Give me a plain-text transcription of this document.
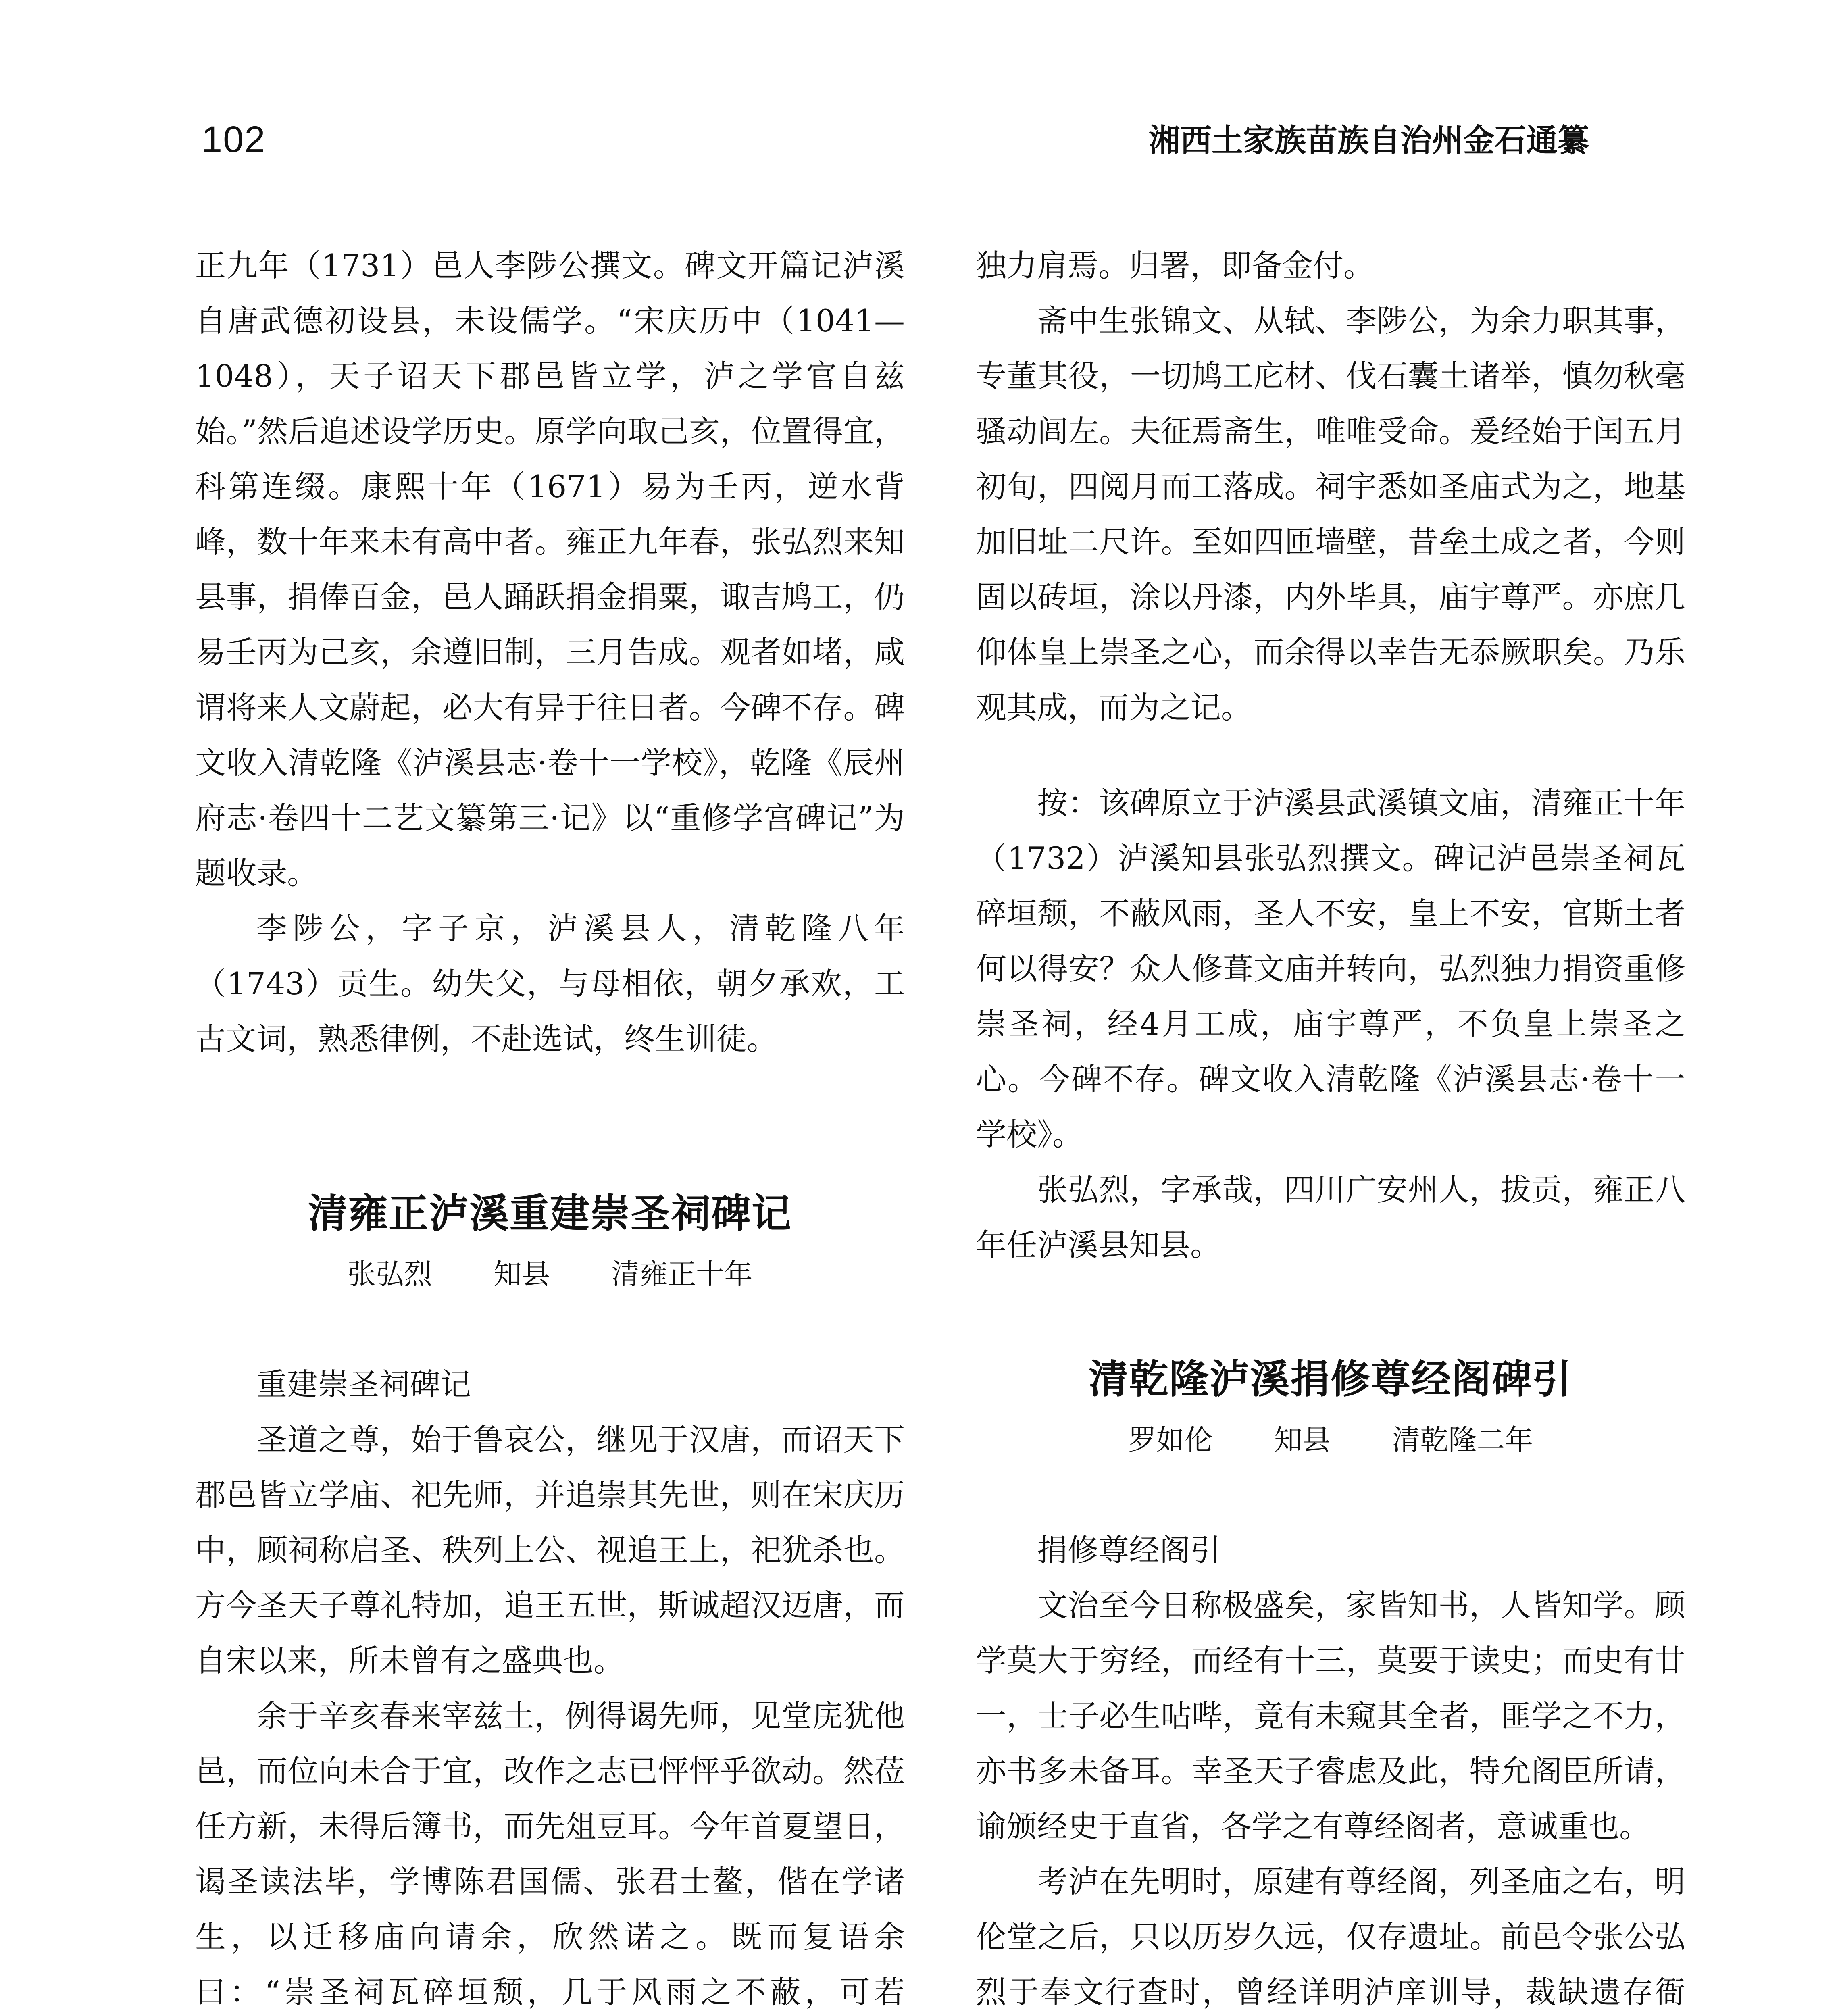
102	湘西土家族苗族自治州金石通纂

正九年（1731）邑人李陟公撰文。碑文开篇记泸溪自唐武德初设县，未设儒学。“宋庆历中（1041—1048），天子诏天下郡邑皆立学，泸之学官自兹始。”然后追述设学历史。原学向取己亥，位置得宜，科第连缀。康熙十年（1671）易为壬丙，逆水背峰，数十年来未有高中者。雍正九年春，张弘烈来知县事，捐俸百金，邑人踊跃捐金捐粟，诹吉鸠工，仍易壬丙为己亥，余遵旧制，三月告成。观者如堵，咸谓将来人文蔚起，必大有异于往日者。今碑不存。碑文收入清乾隆《泸溪县志·卷十一学校》，乾隆《辰州府志·卷四十二艺文纂第三·记》以“重修学宫碑记”为题收录。

李陟公，字子京，泸溪县人，清乾隆八年（1743）贡生。幼失父，与母相依，朝夕承欢，工古文词，熟悉律例，不赴选试，终生训徒。

清雍正泸溪重建崇圣祠碑记
张弘烈 知县 清雍正十年

重建崇圣祠碑记

圣道之尊，始于鲁哀公，继见于汉唐，而诏天下郡邑皆立学庙、祀先师，并追崇其先世，则在宋庆历中，顾祠称启圣、秩列上公、视追王上，祀犹杀也。方今圣天子尊礼特加，追王五世，斯诚超汉迈唐，而自宋以来，所未曾有之盛典也。

余于辛亥春来宰兹土，例得谒先师，见堂庑犹他邑，而位向未合于宜，改作之志已怦怦乎欲动。然莅任方新，未得后簿书，而先俎豆耳。今年首夏望日，谒圣读法毕，学博陈君国儒、张君士鳌，偕在学诸生，以迁移庙向请余，欣然诺之。既而复语余曰：“崇圣祠瓦碎垣颓，几于风雨之不蔽，可若

独力肩焉。归署，即备金付。

斋中生张锦文、从轼、李陟公，为余力职其事，专董其役，一切鸠工庀材、伐石囊土诸举，慎勿秋毫骚动闾左。夫征焉斋生，唯唯受命。爰经始于闰五月初旬，四阅月而工落成。祠宇悉如圣庙式为之，地基加旧址二尺许。至如四匝墙壁，昔垒土成之者，今则固以砖垣，涂以丹漆，内外毕具，庙宇尊严。亦庶几仰体皇上崇圣之心，而余得以幸告无忝厥职矣。乃乐观其成，而为之记。

按：该碑原立于泸溪县武溪镇文庙，清雍正十年（1732）泸溪知县张弘烈撰文。碑记泸邑崇圣祠瓦碎垣颓，不蔽风雨，圣人不安，皇上不安，官斯土者何以得安？众人修葺文庙并转向，弘烈独力捐资重修崇圣祠，经4月工成，庙宇尊严，不负皇上崇圣之心。今碑不存。碑文收入清乾隆《泸溪县志·卷十一学校》。

张弘烈，字承哉，四川广安州人，拔贡，雍正八年任泸溪县知县。

清乾隆泸溪捐修尊经阁碑引
罗如伦 知县 清乾隆二年

捐修尊经阁引

文治至今日称极盛矣，家皆知书，人皆知学。顾学莫大于穷经，而经有十三，莫要于读史；而史有廿一，士子必生呫哔，竟有未窥其全者，匪学之不力，亦书多未备耳。幸圣天子睿虑及此，特允阁臣所请，谕颁经史于直省，各学之有尊经阁者，意诚重也。

考泸在先明时，原建有尊经阁，列圣庙之右，明伦堂之后，只以历岁久远，仅存遗址。前邑令张公弘烈于奉文行查时，曾经详明泸庠训导，裁缺遗存衙
